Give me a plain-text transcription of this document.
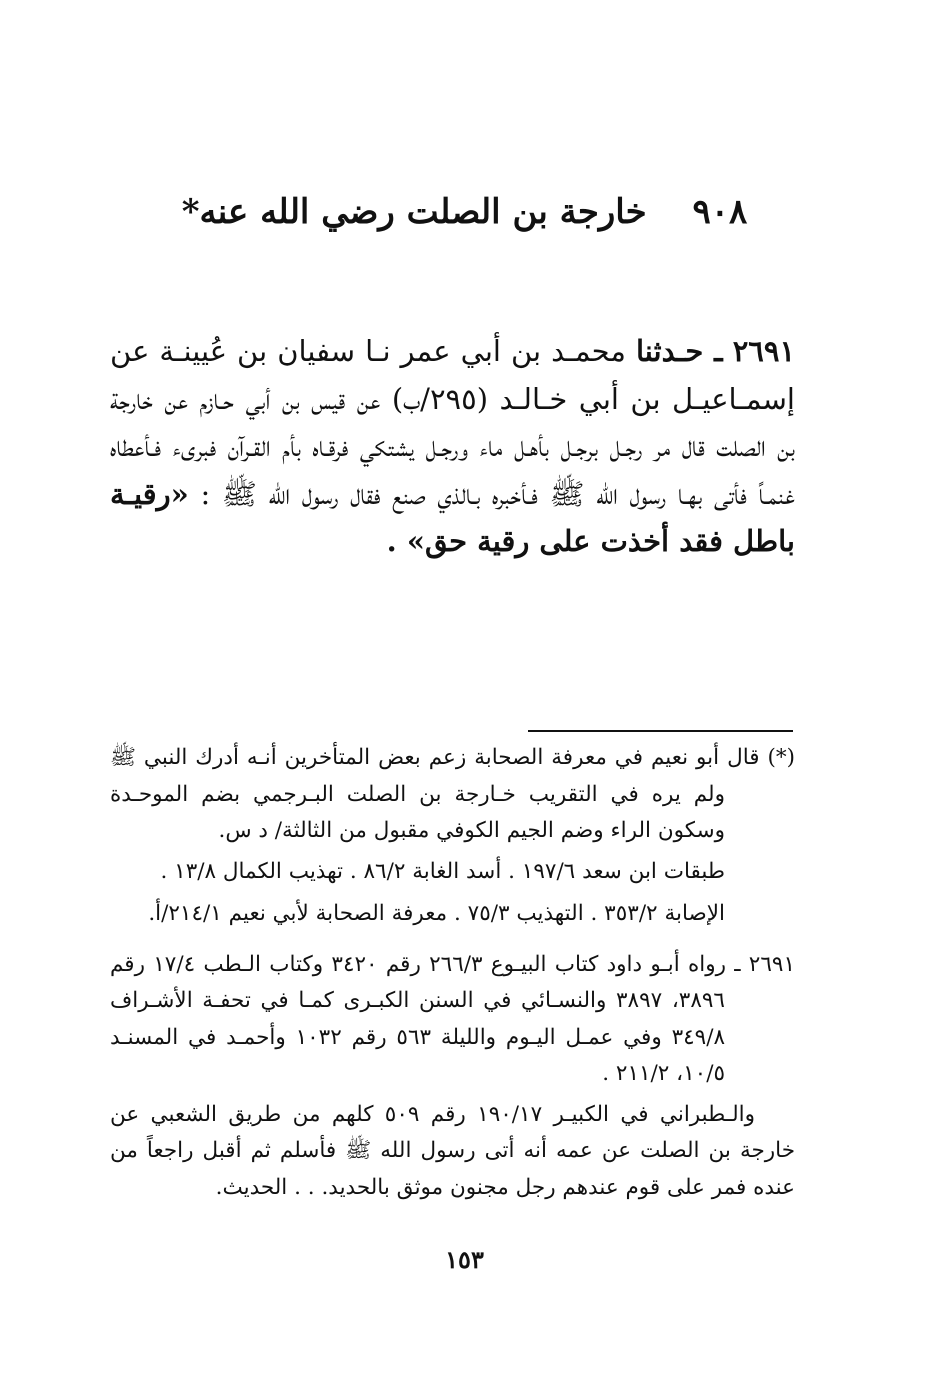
٩٠٨ خارجة بن الصلت رضي الله عنه*
٢٦٩١ ـ حـدثنا محمـد بن أبي عمر نـا سفيان بن عُيينـة عن إسمـاعيـل بن أبي خـالـد (٢٩٥/ب) عن قيس بن أبي حـازم عن خارجة بن الصلت قال مر رجـل برجـل بأهـل ماء ورجـل يشتكي فرقـاه بأم القـرآن فبرىء فـأعطاه غنمـاً فأتى بهـا رسول الله ﷺ فـأخبره بـالذي صنع فقال رسول الله ﷺ : «رقيـة باطل فقد أخذت على رقية حق» .

(*) قال أبو نعيم في معرفة الصحابة زعم بعض المتأخرين أنـه أدرك النبي ﷺ ولم يره في التقريب خـارجة بن الصلت البـرجمي بضم الموحـدة وسكون الراء وضم الجيم الكوفي مقبول من الثالثة/ د س.

طبقات ابن سعد ١٩٧/٦ . أسد الغابة ٨٦/٢ . تهذيب الكمال ١٣/٨ .

الإصابة ٣٥٣/٢ . التهذيب ٧٥/٣ . معرفة الصحابة لأبي نعيم ٢١٤/١/أ.

٢٦٩١ ـ رواه أبـو داود كتاب البيـوع ٢٦٦/٣ رقم ٣٤٢٠ وكتاب الـطب ١٧/٤ رقم ٣٨٩٦، ٣٨٩٧ والنسـائي في السنن الكبـرى كمـا في تحفـة الأشـراف ٣٤٩/٨ وفي عمـل اليـوم والليلة ٥٦٣ رقم ١٠٣٢ وأحمـد في المسنـد ١٠/٥، ٢١١/٢ .

والـطبراني في الكبيـر ١٩٠/١٧ رقم ٥٠٩ كلهم من طريق الشعبي عن خارجة بن الصلت عن عمه أنه أتى رسول الله ﷺ فأسلم ثم أقبل راجعاً من عنده فمر على قوم عندهم رجل مجنون موثق بالحديد. . . الحديث.

١٥٣
